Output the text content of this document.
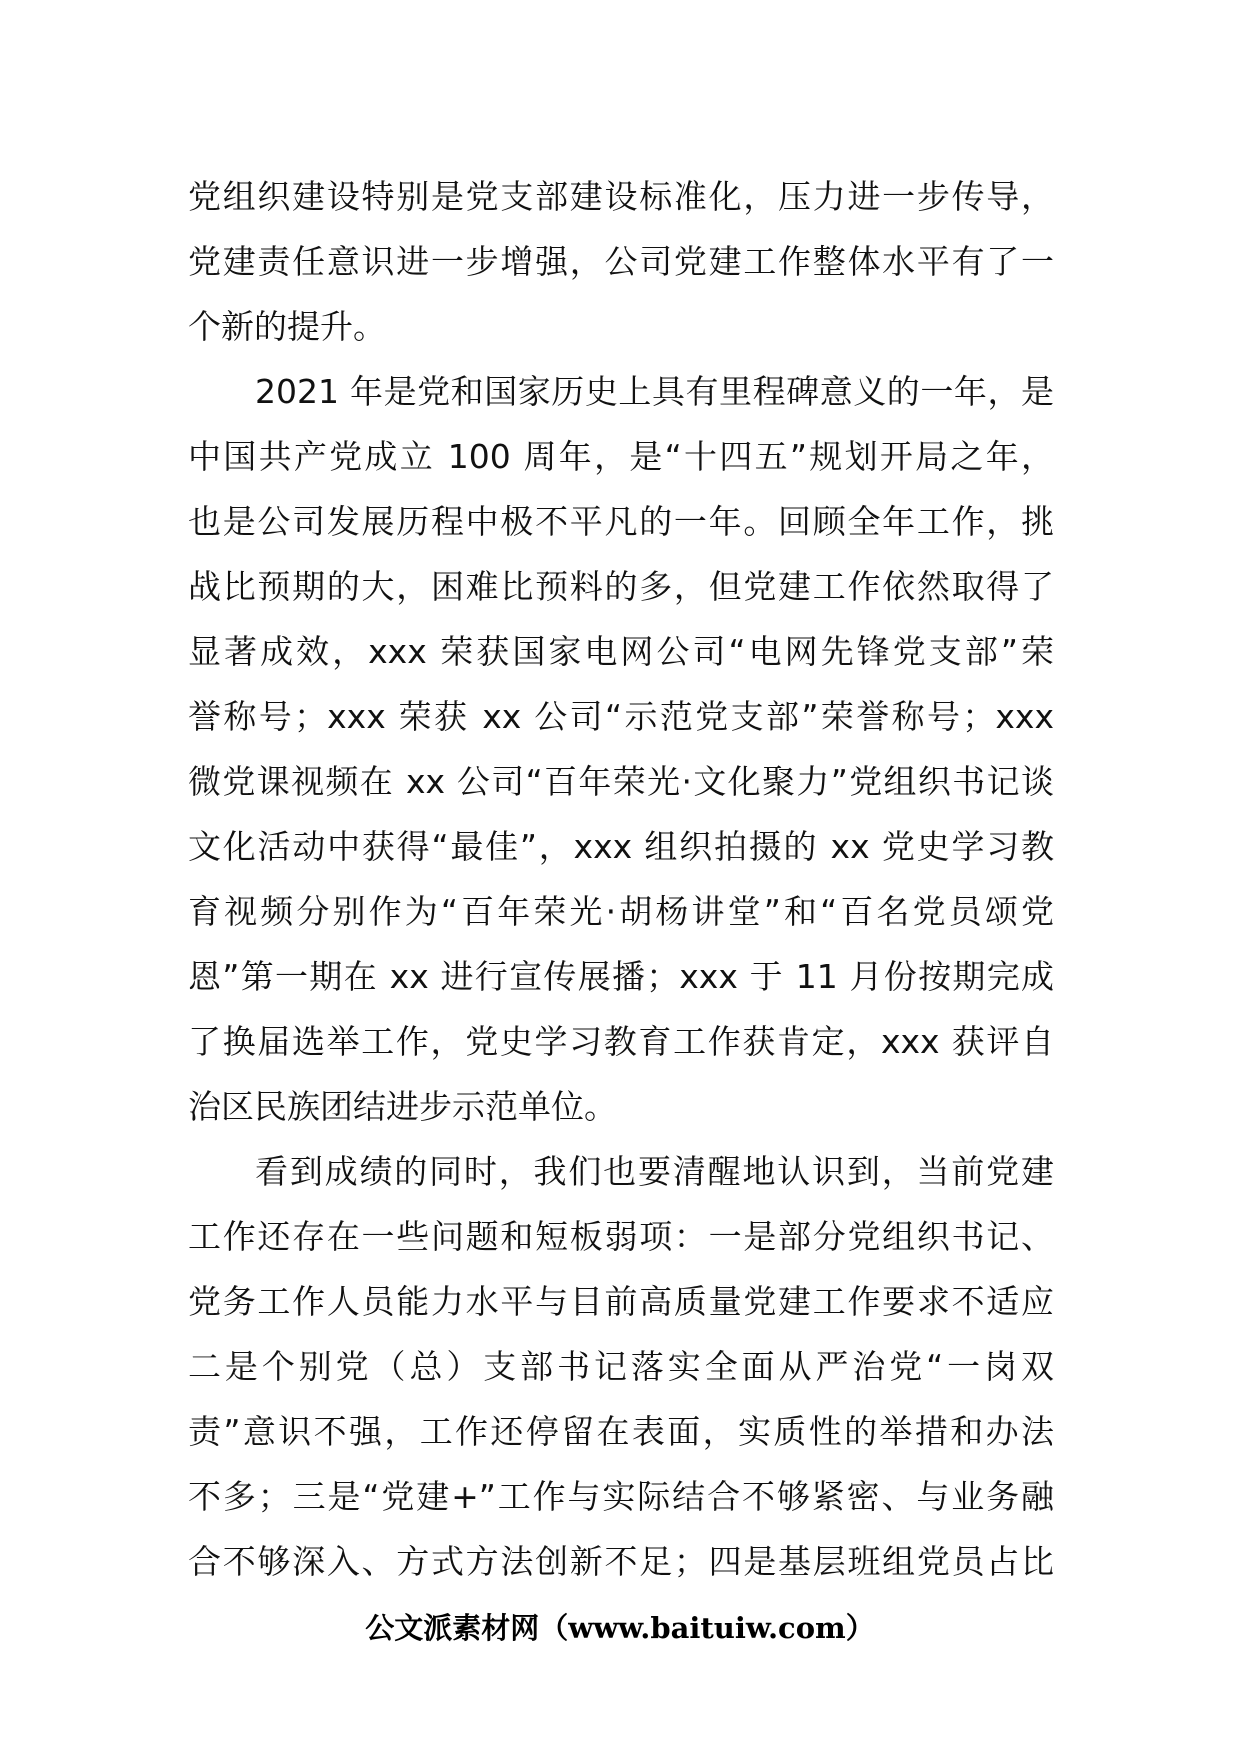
党组织建设特别是党支部建设标准化，压力进一步传导，
党建责任意识进一步增强，公司党建工作整体水平有了一
个新的提升。
2021 年是党和国家历史上具有里程碑意义的一年，是
中国共产党成立 100 周年，是“十四五”规划开局之年，
也是公司发展历程中极不平凡的一年。回顾全年工作，挑
战比预期的大，困难比预料的多，但党建工作依然取得了
显著成效，xxx 荣获国家电网公司“电网先锋党支部”荣
誉称号；xxx 荣获 xx 公司“示范党支部”荣誉称号；xxx
微党课视频在 xx 公司“百年荣光·文化聚力”党组织书记谈
文化活动中获得“最佳”，xxx 组织拍摄的 xx 党史学习教
育视频分别作为“百年荣光·胡杨讲堂”和“百名党员颂党
恩”第一期在 xx 进行宣传展播；xxx 于 11 月份按期完成
了换届选举工作，党史学习教育工作获肯定，xxx 获评自
治区民族团结进步示范单位。
看到成绩的同时，我们也要清醒地认识到，当前党建
工作还存在一些问题和短板弱项：一是部分党组织书记、
党务工作人员能力水平与目前高质量党建工作要求不适应
二是个别党（总）支部书记落实全面从严治党“一岗双
责”意识不强，工作还停留在表面，实质性的举措和办法
不多；三是“党建+”工作与实际结合不够紧密、与业务融
合不够深入、方式方法创新不足；四是基层班组党员占比
公文派素材网（www.baituiw.com）
